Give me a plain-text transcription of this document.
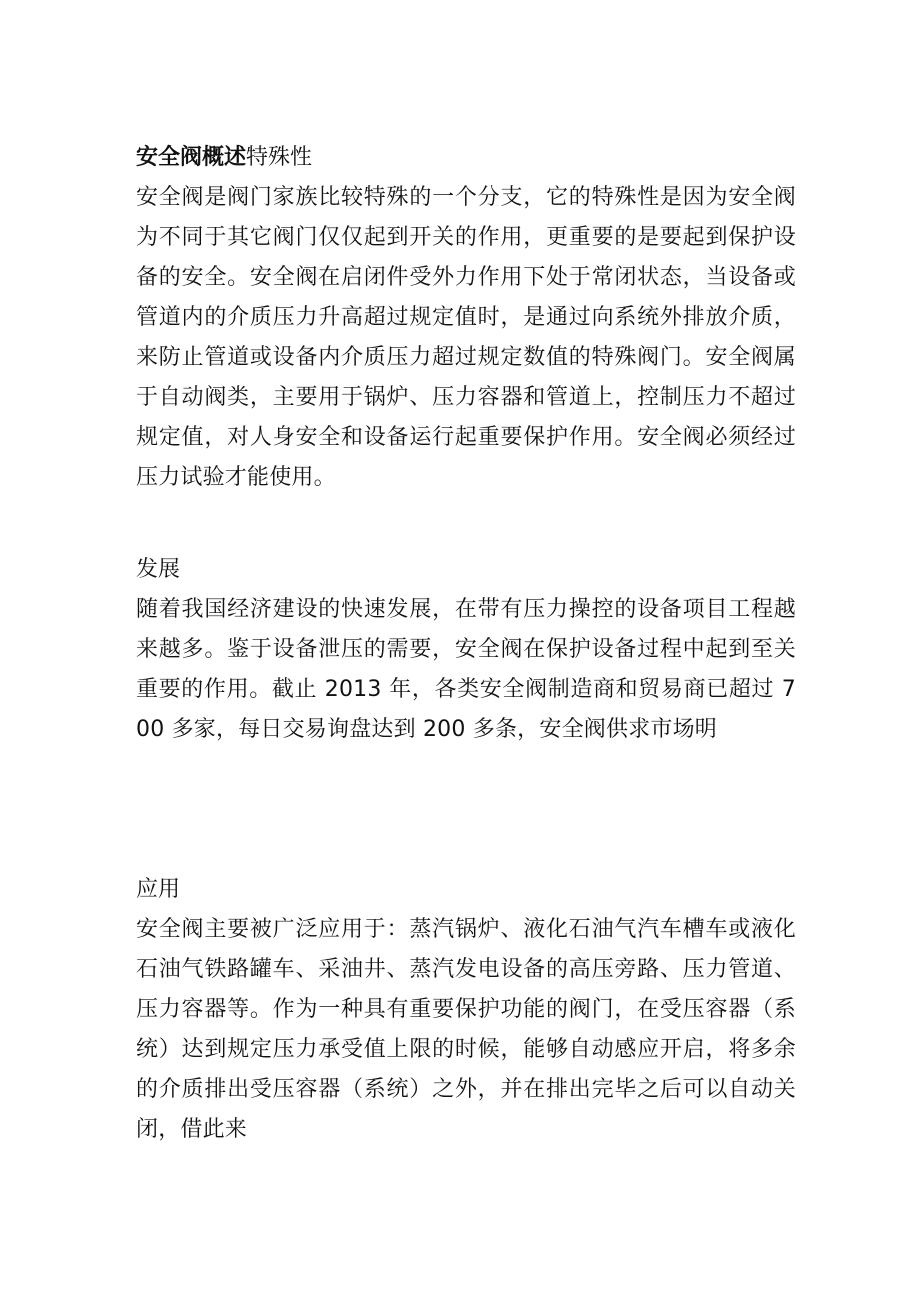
安全阀概述特殊性

安全阀是阀门家族比较特殊的一个分支，它的特殊性是因为安全阀为不同于其它阀门仅仅起到开关的作用，更重要的是要起到保护设备的安全。安全阀在启闭件受外力作用下处于常闭状态，当设备或管道内的介质压力升高超过规定值时，是通过向系统外排放介质，来防止管道或设备内介质压力超过规定数值的特殊阀门。安全阀属于自动阀类，主要用于锅炉、压力容器和管道上，控制压力不超过规定值，对人身安全和设备运行起重要保护作用。安全阀必须经过压力试验才能使用。

发展

随着我国经济建设的快速发展，在带有压力操控的设备项目工程越来越多。鉴于设备泄压的需要，安全阀在保护设备过程中起到至关重要的作用。截止 2013 年，各类安全阀制造商和贸易商已超过 700 多家，每日交易询盘达到 200 多条，安全阀供求市场明

应用

安全阀主要被广泛应用于：蒸汽锅炉、液化石油气汽车槽车或液化石油气铁路罐车、采油井、蒸汽发电设备的高压旁路、压力管道、压力容器等。作为一种具有重要保护功能的阀门，在受压容器（系统）达到规定压力承受值上限的时候，能够自动感应开启，将多余的介质排出受压容器（系统）之外，并在排出完毕之后可以自动关闭，借此来
